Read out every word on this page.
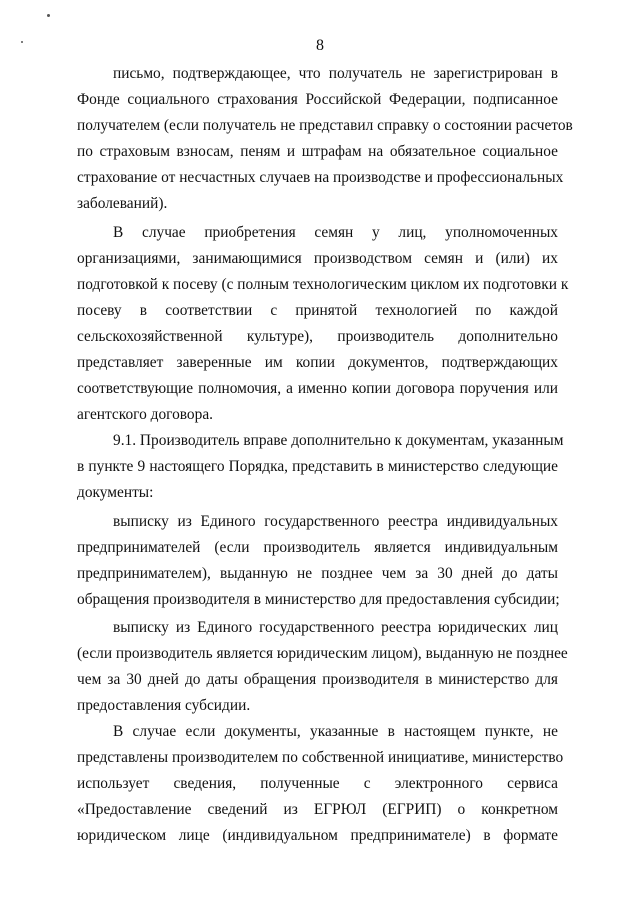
8
письмо, подтверждающее, что получатель не зарегистрирован в
Фонде социального страхования Российской Федерации, подписанное
получателем (если получатель не представил справку о состоянии расчетов
по страховым взносам, пеням и штрафам на обязательное социальное
страхование от несчастных случаев на производстве и профессиональных
заболеваний).
В случае приобретения семян у лиц, уполномоченных
организациями, занимающимися производством семян и (или) их
подготовкой к посеву (с полным технологическим циклом их подготовки к
посеву в соответствии с принятой технологией по каждой
сельскохозяйственной культуре), производитель дополнительно
представляет заверенные им копии документов, подтверждающих
соответствующие полномочия, а именно копии договора поручения или
агентского договора.
9.1. Производитель вправе дополнительно к документам, указанным
в пункте 9 настоящего Порядка, представить в министерство следующие
документы:
выписку из Единого государственного реестра индивидуальных
предпринимателей (если производитель является индивидуальным
предпринимателем), выданную не позднее чем за 30 дней до даты
обращения производителя в министерство для предоставления субсидии;
выписку из Единого государственного реестра юридических лиц
(если производитель является юридическим лицом), выданную не позднее
чем за 30 дней до даты обращения производителя в министерство для
предоставления субсидии.
В случае если документы, указанные в настоящем пункте, не
представлены производителем по собственной инициативе, министерство
использует сведения, полученные с электронного сервиса
«Предоставление сведений из ЕГРЮЛ (ЕГРИП) о конкретном
юридическом лице (индивидуальном предпринимателе) в формате
